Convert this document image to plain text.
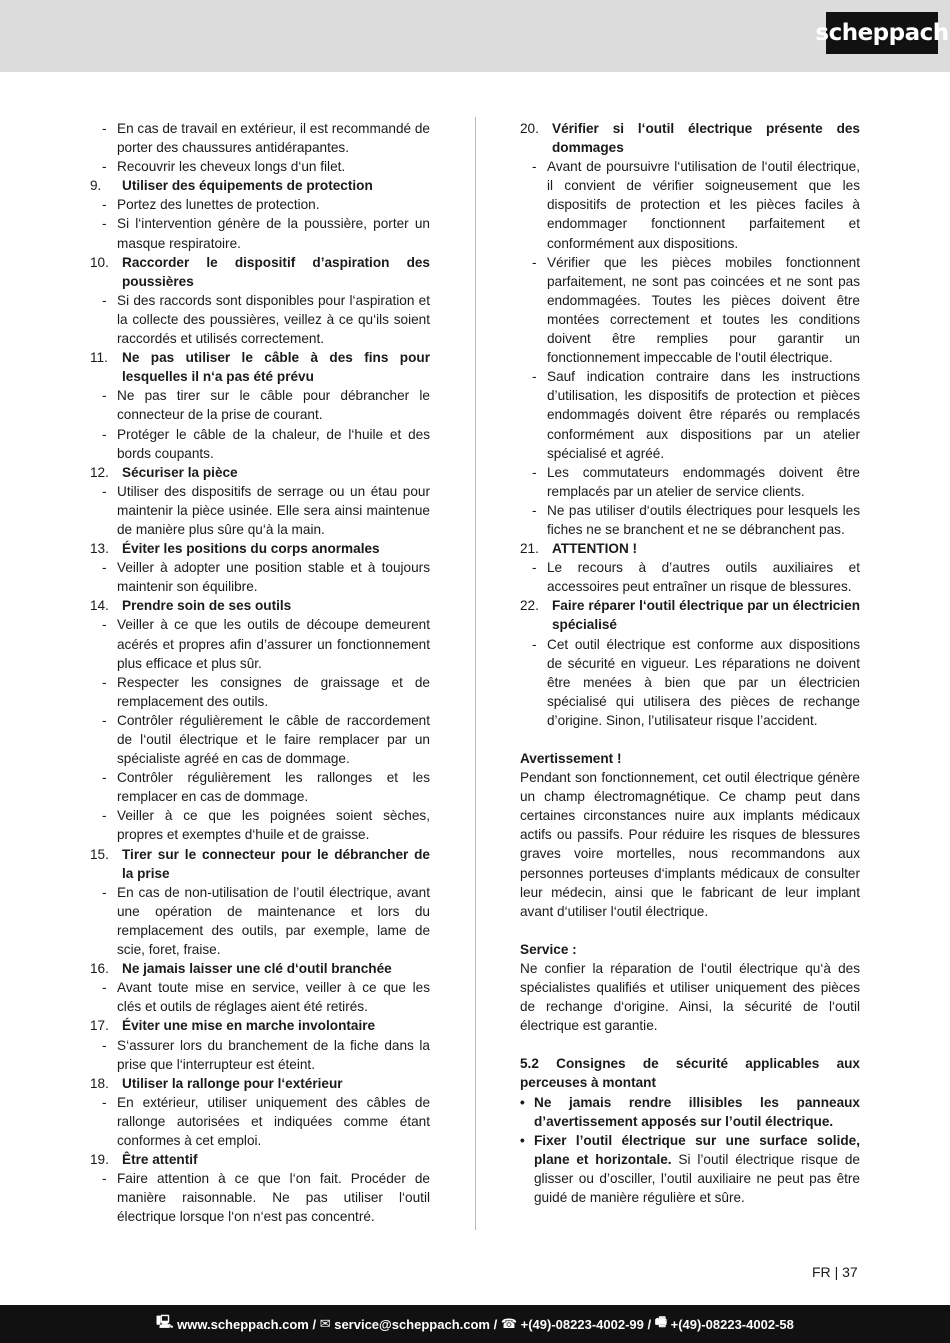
scheppach
- En cas de travail en extérieur, il est recommandé de porter des chaussures antidérapantes.
- Recouvrir les cheveux longs d‘un filet.
9.	Utiliser des équipements de protection
- Portez des lunettes de protection.
- Si l‘intervention génère de la poussière, porter un masque respiratoire.
10. Raccorder le dispositif d’aspiration des poussières
- Si des raccords sont disponibles pour l‘aspiration et la collecte des poussières, veillez à ce qu‘ils soient raccordés et utilisés correctement.
11.	Ne pas utiliser le câble à des fins pour lesquelles il n‘a pas été prévu
- Ne pas tirer sur le câble pour débrancher le connecteur de la prise de courant.
- Protéger le câble de la chaleur, de l‘huile et des bords coupants.
12. Sécuriser la pièce
- Utiliser des dispositifs de serrage ou un étau pour maintenir la pièce usinée. Elle sera ainsi maintenue de manière plus sûre qu‘à la main.
13. Éviter les positions du corps anormales
- Veiller à adopter une position stable et à toujours maintenir son équilibre.
14. Prendre soin de ses outils
- Veiller à ce que les outils de découpe demeurent acérés et propres afin d’assurer un fonctionnement plus efficace et plus sûr.
- Respecter les consignes de graissage et de remplacement des outils.
- Contrôler régulièrement le câble de raccordement de l‘outil électrique et le faire remplacer par un spécialiste agréé en cas de dommage.
- Contrôler régulièrement les rallonges et les remplacer en cas de dommage.
- Veiller à ce que les poignées soient sèches, propres et exemptes d‘huile et de graisse.
15. Tirer sur le connecteur pour le débrancher de la prise
- En cas de non-utilisation de l’outil électrique, avant une opération de maintenance et lors du remplacement des outils, par exemple, lame de scie, foret, fraise.
16. Ne jamais laisser une clé d‘outil branchée
- Avant toute mise en service, veiller à ce que les clés et outils de réglages aient été retirés.
17. Éviter une mise en marche involontaire
- S‘assurer lors du branchement de la fiche dans la prise que l‘interrupteur est éteint.
18. Utiliser la rallonge pour l‘extérieur
- En extérieur, utiliser uniquement des câbles de rallonge autorisées et indiquées comme étant conformes à cet emploi.
19. Être attentif
- Faire attention à ce que l‘on fait. Procéder de manière raisonnable. Ne pas utiliser l‘outil électrique lorsque l‘on n‘est pas concentré.
20. Vérifier si l‘outil électrique présente des dommages
- Avant de poursuivre l‘utilisation de l‘outil électrique, il convient de vérifier soigneusement que les dispositifs de protection et les pièces faciles à endommager fonctionnent parfaitement et conformément aux dispositions.
- Vérifier que les pièces mobiles fonctionnent parfaitement, ne sont pas coincées et ne sont pas endommagées. Toutes les pièces doivent être montées correctement et toutes les conditions doivent être remplies pour garantir un fonctionnement impeccable de l‘outil électrique.
- Sauf indication contraire dans les instructions d’utilisation, les dispositifs de protection et pièces endommagés doivent être réparés ou remplacés conformément aux dispositions par un atelier spécialisé et agréé.
- Les commutateurs endommagés doivent être remplacés par un atelier de service clients.
- Ne pas utiliser d‘outils électriques pour lesquels les fiches ne se branchent et ne se débranchent pas.
21. ATTENTION !
- Le recours à d’autres outils auxiliaires et accessoires peut entraîner un risque de blessures.
22. Faire réparer l‘outil électrique par un électricien spécialisé
- Cet outil électrique est conforme aux dispositions de sécurité en vigueur. Les réparations ne doivent être menées à bien que par un électricien spécialisé qui utilisera des pièces de rechange d’origine. Sinon, l’utilisateur risque l’accident.
Avertissement !
Pendant son fonctionnement, cet outil électrique génère un champ électromagnétique. Ce champ peut dans certaines circonstances nuire aux implants médicaux actifs ou passifs. Pour réduire les risques de blessures graves voire mortelles, nous recommandons aux personnes porteuses d‘implants médicaux de consulter leur médecin, ainsi que le fabricant de leur implant avant d‘utiliser l‘outil électrique.
Service :
Ne confier la réparation de l‘outil électrique qu‘à des spécialistes qualifiés et utiliser uniquement des pièces de rechange d‘origine. Ainsi, la sécurité de l‘outil électrique est garantie.
5.2 Consignes de sécurité applicables aux perceuses à montant
• Ne jamais rendre illisibles les panneaux d’avertissement apposés sur l’outil électrique.
• Fixer l’outil électrique sur une surface solide, plane et horizontale. Si l’outil électrique risque de glisser ou d’osciller, l’outil auxiliaire ne peut pas être guidé de manière régulière et sûre.
FR | 37
🖳 www.scheppach.com / ✉ service@scheppach.com / ☎ +(49)-08223-4002-99 / 🖷 +(49)-08223-4002-58
